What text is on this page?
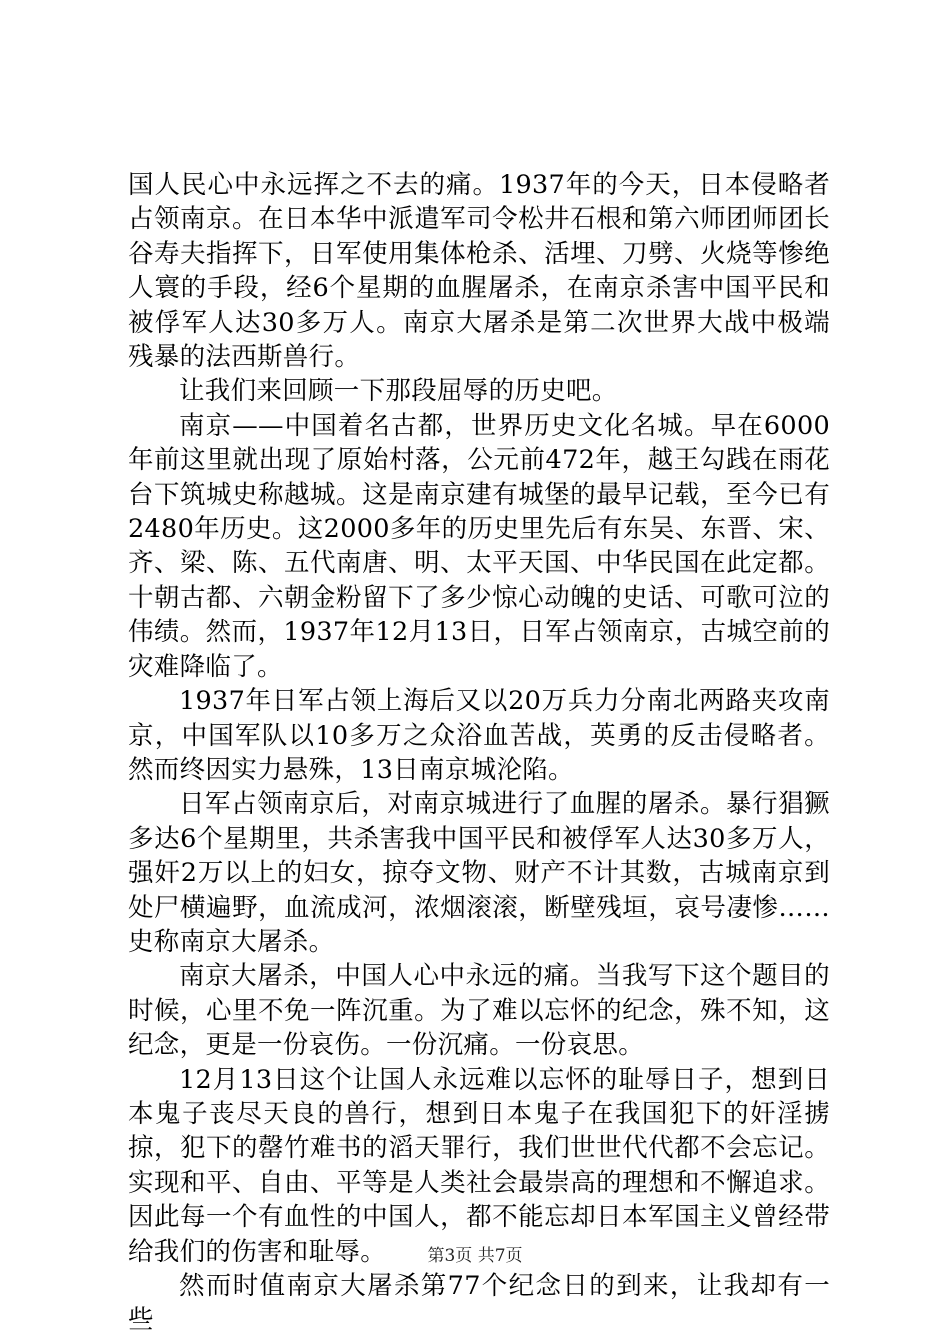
国人民心中永远挥之不去的痛。1937年的今天，日本侵略者占领南京。在日本华中派遣军司令松井石根和第六师团师团长谷寿夫指挥下，日军使用集体枪杀、活埋、刀劈、火烧等惨绝人寰的手段，经6个星期的血腥屠杀，在南京杀害中国平民和被俘军人达30多万人。南京大屠杀是第二次世界大战中极端残暴的法西斯兽行。

让我们来回顾一下那段屈辱的历史吧。

南京——中国着名古都，世界历史文化名城。早在6000年前这里就出现了原始村落，公元前472年，越王勾践在雨花台下筑城史称越城。这是南京建有城堡的最早记载，至今已有2480年历史。这2000多年的历史里先后有东吴、东晋、宋、齐、梁、陈、五代南唐、明、太平天国、中华民国在此定都。十朝古都、六朝金粉留下了多少惊心动魄的史话、可歌可泣的伟绩。然而，1937年12月13日，日军占领南京，古城空前的灾难降临了。

1937年日军占领上海后又以20万兵力分南北两路夹攻南京，中国军队以10多万之众浴血苦战，英勇的反击侵略者。然而终因实力悬殊，13日南京城沦陷。

日军占领南京后，对南京城进行了血腥的屠杀。暴行猖獗多达6个星期里，共杀害我中国平民和被俘军人达30多万人，强奸2万以上的妇女，掠夺文物、财产不计其数，古城南京到处尸横遍野，血流成河，浓烟滚滚，断壁残垣，哀号凄惨……史称南京大屠杀。

南京大屠杀，中国人心中永远的痛。当我写下这个题目的时候，心里不免一阵沉重。为了难以忘怀的纪念，殊不知，这纪念，更是一份哀伤。一份沉痛。一份哀思。

12月13日这个让国人永远难以忘怀的耻辱日子，想到日本鬼子丧尽天良的兽行，想到日本鬼子在我国犯下的奸淫掳掠，犯下的罄竹难书的滔天罪行，我们世世代代都不会忘记。实现和平、自由、平等是人类社会最崇高的理想和不懈追求。因此每一个有血性的中国人，都不能忘却日本军国主义曾经带给我们的伤害和耻辱。

然而时值南京大屠杀第77个纪念日的到来，让我却有一些

第3页 共7页
